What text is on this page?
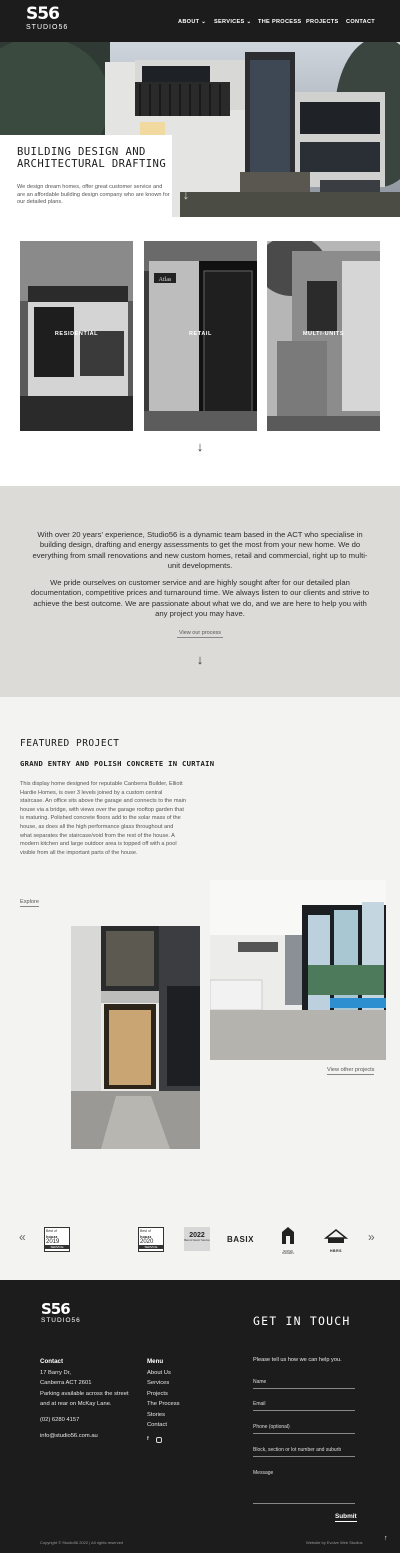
S56
STUDIO56
ABOUT ⌄ SERVICES ⌄ THE PROCESS PROJECTS CONTACT
BUILDING DESIGN AND ARCHITECTURAL DRAFTING
We design dream homes, offer great customer service and are an affordable building design company who are known for our detailed plans.
↓
RESIDENTIAL
Atlas
RETAIL	MULTI-UNITS
↓
With over 20 years' experience, Studio56 is a dynamic team based in the ACT who specialise in building design, drafting and energy assessments to get the most from your new home. We do everything from small renovations and new custom homes, retail and commercial, right up to multi-unit developments.
We pride ourselves on customer service and are highly sought after for our detailed plan documentation, competitive prices and turnaround time. We always listen to our clients and strive to achieve the best outcome. We are passionate about what we do, and we are here to help you with any project you may have.
View our process
↓
FEATURED PROJECT
GRAND ENTRY AND POLISH CONCRETE IN CURTAIN
This display home designed for reputable Canberra Builder, Elliott Hardie Homes, is over 3 levels joined by a custom central staircase. An office sits above the garage and connects to the main house via a bridge, with views over the garage rooftop garden that is maturing. Polished concrete floors add to the solar mass of the house, as does all the high performance glass throughout and what separates the staircase/void from the rest of the house. A modern kitchen and large outdoor area is topped off with a pool visible from all the important parts of the house.
Explore
View other projects
«	»
Best of
houzz
2019
SERVICE
Best of
houzz
2020
SERVICE
2022
Best of Houzz Service BASIX
MASTER BUILDERS
HBRS
S56
STUDIO56
Contact
17 Barry Dr,
Canberra ACT 2601
Parking available across the street
and at rear on McKay Lane.
(02) 6280 4157
info@studio56.com.au
Menu
About Us
Services
Projects
The Process
Stories
Contact
f
GET IN TOUCH
Please tell us how we can help you.
Name
Email
Phone (optional)
Block, section or lot number and suburb
Message
Submit
Copyright © Studio56 2022 | All rights reserved	Website by Evolve Web Studios
↑
